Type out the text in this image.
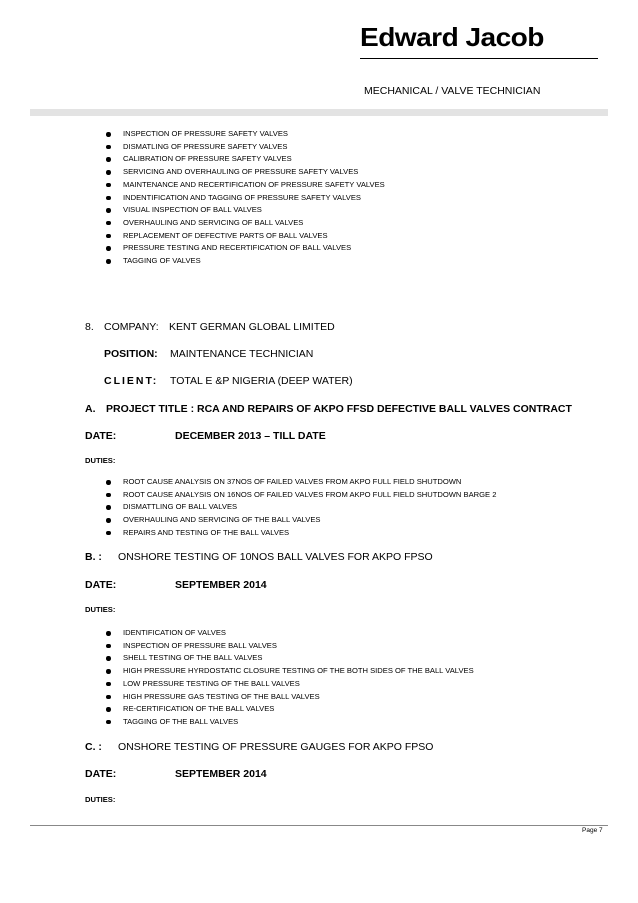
Edward Jacob
MECHANICAL / VALVE TECHNICIAN
INSPECTION OF PRESSURE SAFETY VALVES
DISMATLING OF PRESSURE SAFETY VALVES
CALIBRATION OF PRESSURE SAFETY VALVES
SERVICING AND OVERHAULING OF PRESSURE SAFETY VALVES
MAINTENANCE AND RECERTIFICATION OF PRESSURE SAFETY VALVES
INDENTIFICATION AND TAGGING OF PRESSURE SAFETY VALVES
VISUAL INSPECTION OF BALL VALVES
OVERHAULING AND SERVICING OF BALL VALVES
REPLACEMENT OF DEFECTIVE PARTS OF BALL VALVES
PRESSURE TESTING AND RECERTIFICATION OF BALL VALVES
TAGGING OF VALVES
8. COMPANY: KENT GERMAN GLOBAL LIMITED
POSITION: MAINTENANCE TECHNICIAN
CLIENT: TOTAL E &P NIGERIA (DEEP WATER)
A. PROJECT TITLE : RCA AND REPAIRS OF AKPO FFSD DEFECTIVE BALL VALVES CONTRACT
DATE:	DECEMBER 2013 – TILL DATE
DUTIES:
ROOT CAUSE ANALYSIS ON 37NOS OF FAILED VALVES FROM AKPO FULL FIELD SHUTDOWN
ROOT CAUSE ANALYSIS ON 16NOS OF FAILED VALVES FROM AKPO FULL FIELD SHUTDOWN BARGE 2
DISMATTLING OF BALL VALVES
OVERHAULING AND SERVICING OF THE BALL VALVES
REPAIRS AND TESTING OF THE BALL VALVES
B. : ONSHORE TESTING OF 10NOS BALL VALVES FOR AKPO FPSO
DATE:	SEPTEMBER 2014
DUTIES:
IDENTIFICATION OF VALVES
INSPECTION OF PRESSURE BALL VALVES
SHELL TESTING OF THE BALL VALVES
HIGH PRESSURE HYRDOSTATIC CLOSURE TESTING OF THE BOTH SIDES OF THE BALL VALVES
LOW PRESSURE TESTING OF THE BALL VALVES
HIGH PRESSURE GAS TESTING OF THE BALL VALVES
RE-CERTIFICATION OF THE BALL VALVES
TAGGING OF THE BALL VALVES
C. : ONSHORE TESTING OF PRESSURE GAUGES FOR AKPO FPSO
DATE:	SEPTEMBER 2014
DUTIES:
Page 7
